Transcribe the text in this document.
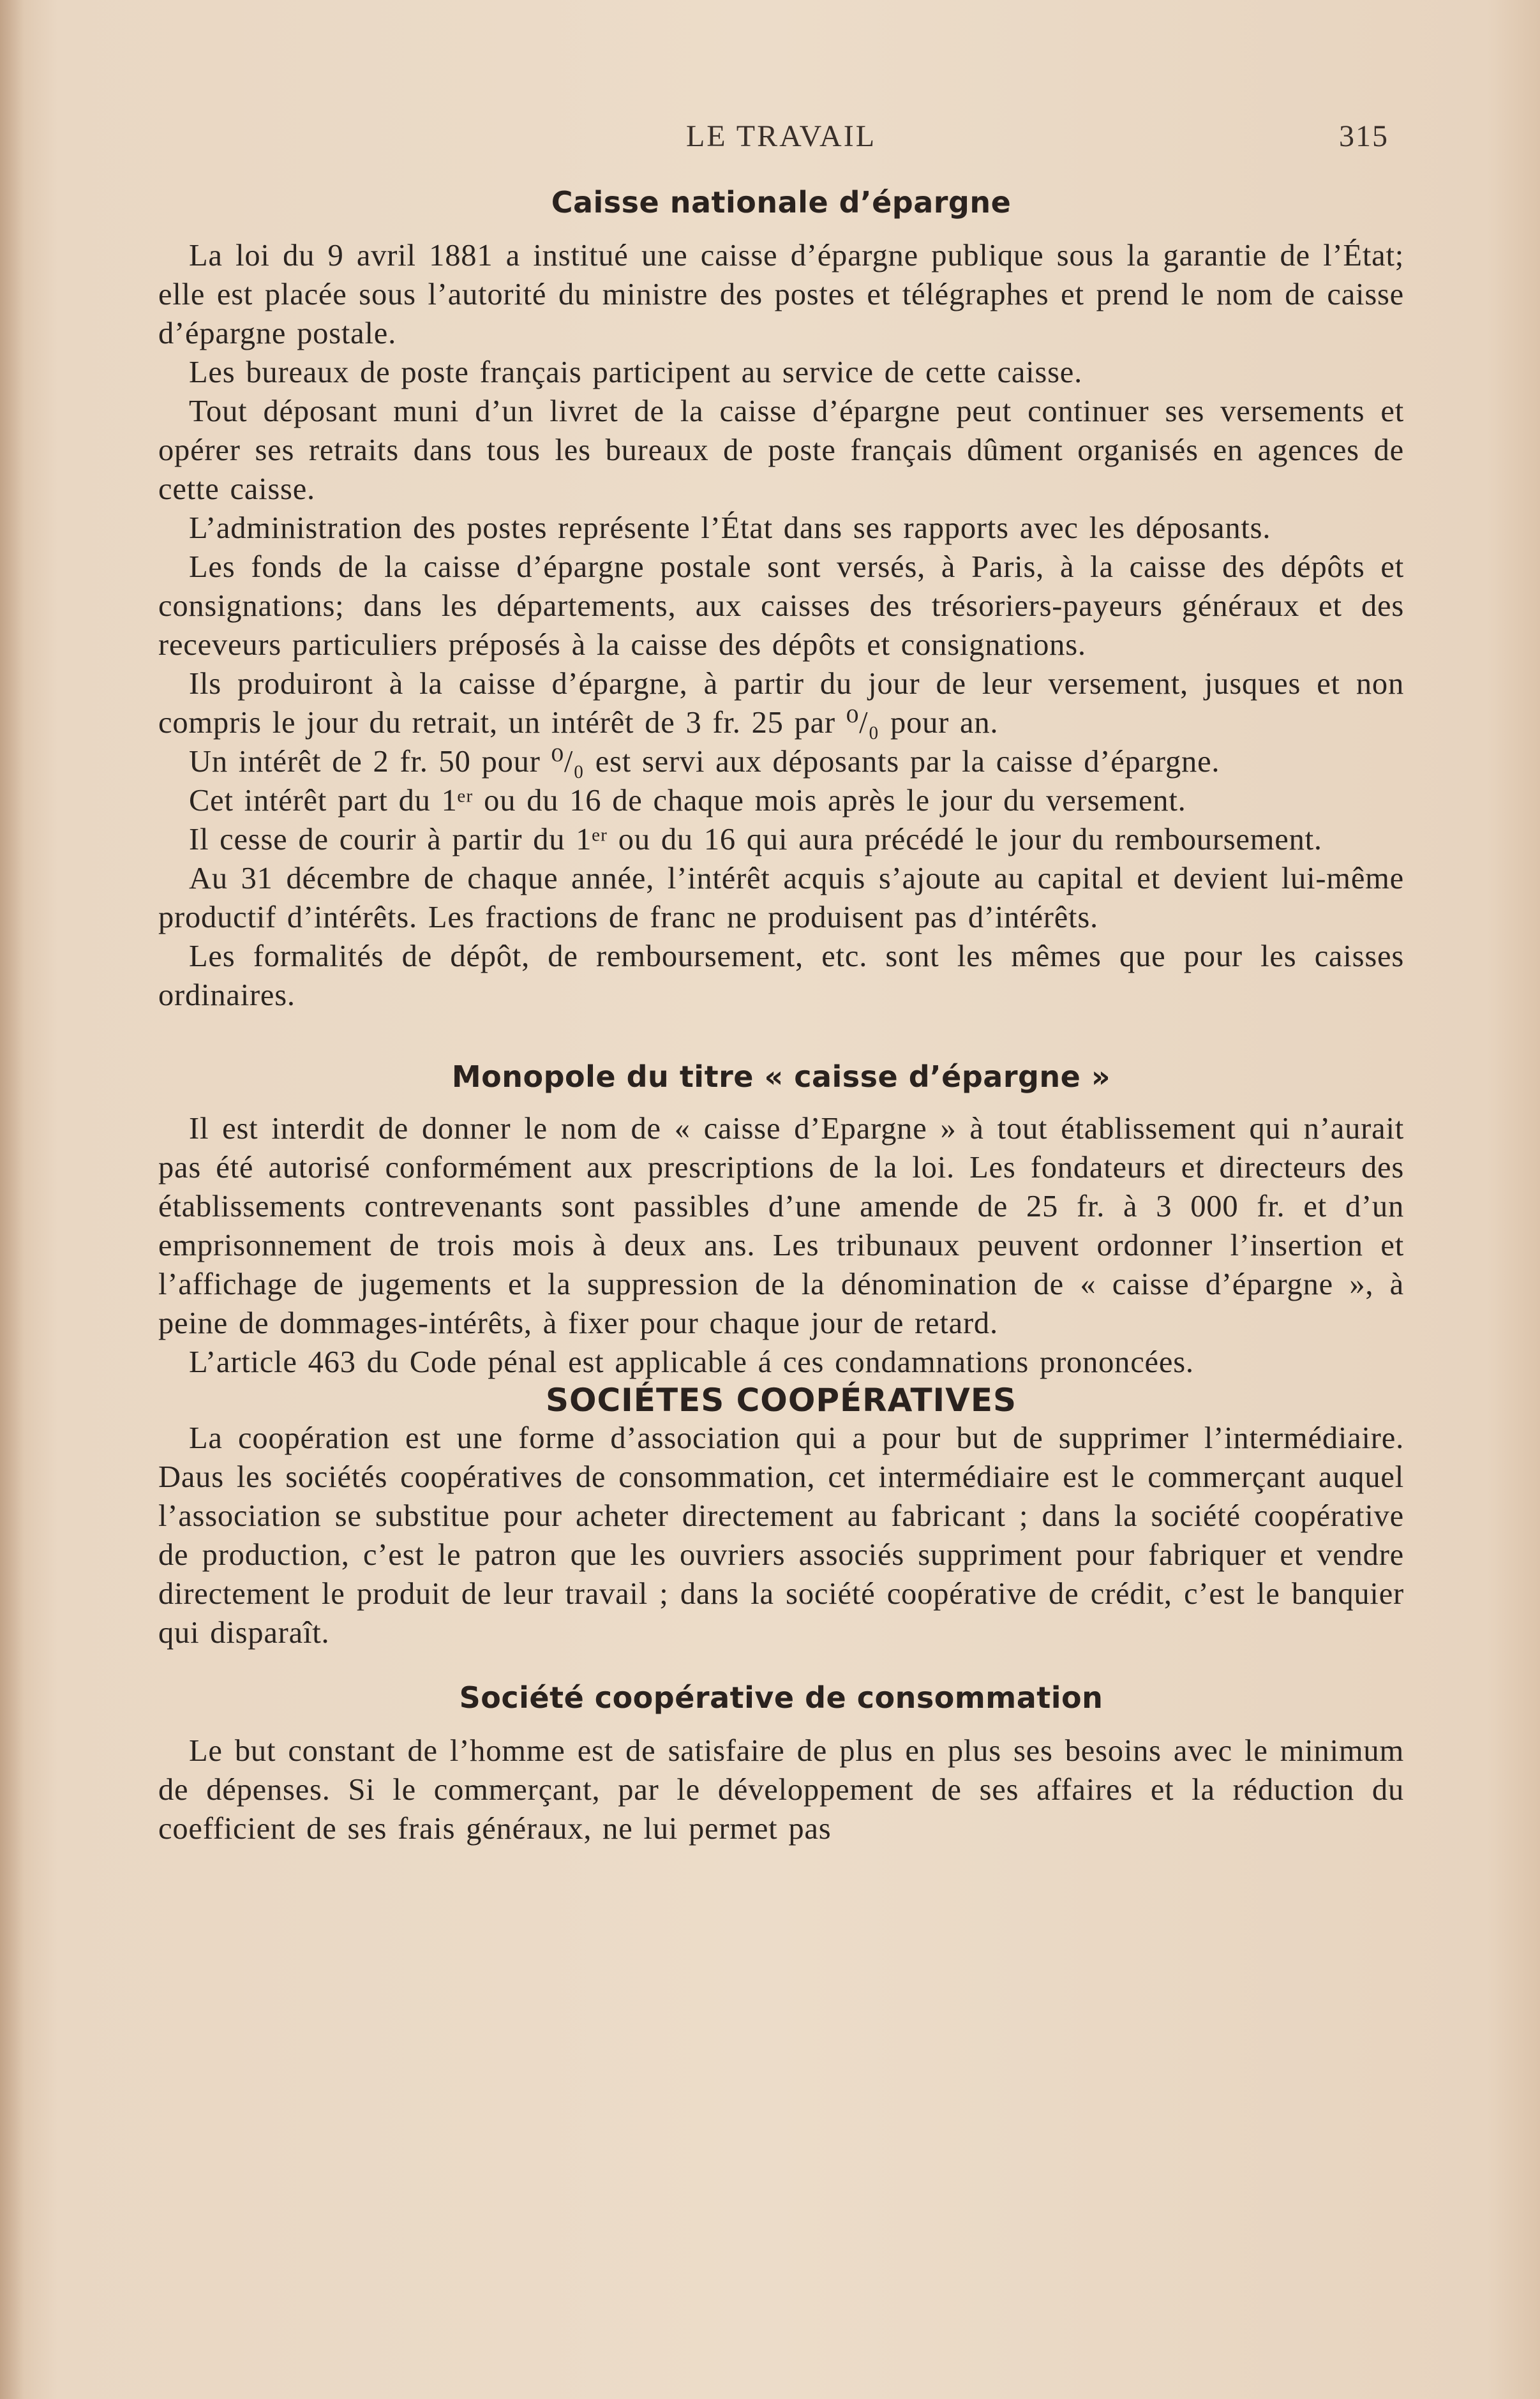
LE TRAVAIL	315
Caisse nationale d’épargne

La loi du 9 avril 1881 a institué une caisse d’épargne publique sous la garantie de l’État; elle est placée sous l’autorité du ministre des postes et télégraphes et prend le nom de caisse d’épargne postale.

Les bureaux de poste français participent au service de cette caisse.

Tout déposant muni d’un livret de la caisse d’épargne peut continuer ses versements et opérer ses retraits dans tous les bureaux de poste français dûment organisés en agences de cette caisse.

L’administration des postes représente l’État dans ses rapports avec les déposants.

Les fonds de la caisse d’épargne postale sont versés, à Paris, à la caisse des dépôts et consignations; dans les départements, aux caisses des trésoriers-payeurs généraux et des receveurs particuliers préposés à la caisse des dépôts et consignations.

Ils produiront à la caisse d’épargne, à partir du jour de leur versement, jusques et non compris le jour du retrait, un intérêt de 3 fr. 25 par ⁰/₀ pour an.

Un intérêt de 2 fr. 50 pour ⁰/₀ est servi aux déposants par la caisse d’épargne.

Cet intérêt part du 1ᵉʳ ou du 16 de chaque mois après le jour du versement.

Il cesse de courir à partir du 1ᵉʳ ou du 16 qui aura précédé le jour du remboursement.

Au 31 décembre de chaque année, l’intérêt acquis s’ajoute au capital et devient lui-même productif d’intérêts. Les fractions de franc ne produisent pas d’intérêts.

Les formalités de dépôt, de remboursement, etc. sont les mêmes que pour les caisses ordinaires.

Monopole du titre « caisse d’épargne »

Il est interdit de donner le nom de « caisse d’Epargne » à tout établissement qui n’aurait pas été autorisé conformément aux prescriptions de la loi. Les fondateurs et directeurs des établissements contrevenants sont passibles d’une amende de 25 fr. à 3 000 fr. et d’un emprisonnement de trois mois à deux ans. Les tribunaux peuvent ordonner l’insertion et l’affichage de jugements et la suppression de la dénomination de « caisse d’épargne », à peine de dommages-intérêts, à fixer pour chaque jour de retard.

L’article 463 du Code pénal est applicable á ces condamnations prononcées.

SOCIÉTES COOPÉRATIVES

La coopération est une forme d’association qui a pour but de supprimer l’intermédiaire. Daus les sociétés coopératives de consommation, cet intermédiaire est le commerçant auquel l’association se substitue pour acheter directement au fabricant ; dans la société coopérative de production, c’est le patron que les ouvriers associés suppriment pour fabriquer et vendre directement le produit de leur travail ; dans la société coopérative de crédit, c’est le banquier qui disparaît.

Société coopérative de consommation

Le but constant de l’homme est de satisfaire de plus en plus ses besoins avec le minimum de dépenses. Si le commerçant, par le développement de ses affaires et la réduction du coefficient de ses frais généraux, ne lui permet pas
